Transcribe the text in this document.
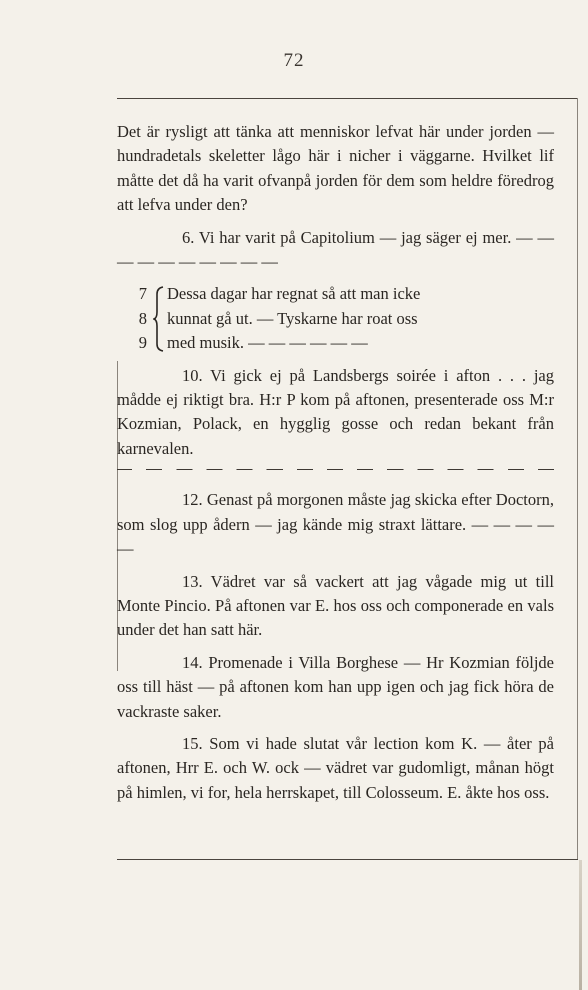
72

Det är rysligt att tänka att menniskor lefvat här under jorden — hundradetals skeletter lågo här i nicher i väggarne. Hvilket lif måtte det då ha varit ofvanpå jorden för dem som heldre föredrog att lefva under den?

6. Vi har varit på Capitolium — jag säger ej mer. — — — — — — — — — —

7
8
9
Dessa dagar har regnat så att man icke
kunnat gå ut. — Tyskarne har roat oss
med musik. — — — — — —

10. Vi gick ej på Landsbergs soirée i afton . . . jag mådde ej riktigt bra. H:r P kom på aftonen, presenterade oss M:r Kozmian, Polack, en hygglig gosse och redan bekant från karnevalen.

12. Genast på morgonen måste jag skicka efter Doctorn, som slog upp ådern — jag kände mig straxt lättare. — — — — —

13. Vädret var så vackert att jag vågade mig ut till Monte Pincio. På aftonen var E. hos oss och componerade en vals under det han satt här.

14. Promenade i Villa Borghese — Hr Kozmian följde oss till häst — på aftonen kom han upp igen och jag fick höra de vackraste saker.

15. Som vi hade slutat vår lection kom K. — åter på aftonen, Hrr E. och W. ock — vädret var gudomligt, månan högt på himlen, vi for, hela herrskapet, till Colosseum. E. åkte hos oss.
